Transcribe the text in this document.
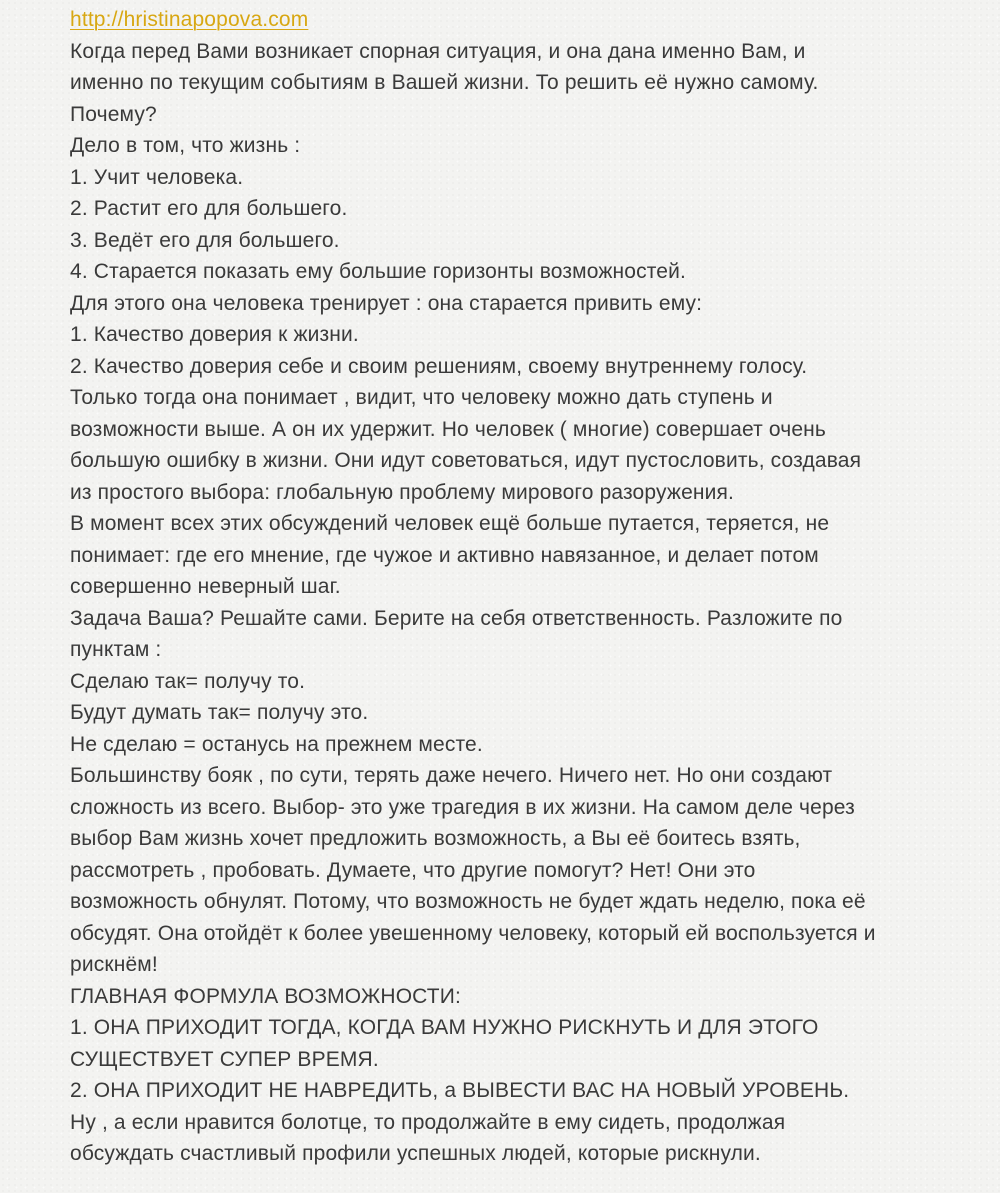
http://hristinapopova.com
Когда перед Вами возникает спорная ситуация, и она дана именно Вам, и
именно по текущим событиям в Вашей жизни. То решить её нужно самому.
Почему?
Дело в том, что жизнь :
1. Учит человека.
2. Растит его для большего.
3. Ведёт его для большего.
4. Старается показать ему большие горизонты возможностей.
Для этого она человека тренирует : она старается привить ему:
1. Качество доверия к жизни.
2. Качество доверия себе и своим решениям, своему внутреннему голосу.
Только тогда она понимает , видит, что человеку можно дать ступень и
возможности выше. А он их удержит. Но человек ( многие) совершает очень
большую ошибку в жизни. Они идут советоваться, идут пустословить, создавая
из простого выбора: глобальную проблему мирового разоружения.
В момент всех этих обсуждений человек ещё больше путается, теряется, не
понимает: где его мнение, где чужое и активно навязанное, и делает потом
совершенно неверный шаг.
Задача Ваша? Решайте сами. Берите на себя ответственность. Разложите по
пунктам :
Сделаю так= получу то.
Будут думать так= получу это.
Не сделаю = останусь на прежнем месте.
Большинству бояк , по сути, терять даже нечего. Ничего нет. Но они создают
сложность из всего. Выбор- это уже трагедия в их жизни. На самом деле через
выбор Вам жизнь хочет предложить возможность, а Вы её боитесь взять,
рассмотреть , пробовать. Думаете, что другие помогут? Нет! Они это
возможность обнулят. Потому, что возможность не будет ждать неделю, пока её
обсудят. Она отойдёт к более увешенному человеку, который ей воспользуется и
рискнём!
ГЛАВНАЯ ФОРМУЛА ВОЗМОЖНОСТИ:
1. ОНА ПРИХОДИТ ТОГДА, КОГДА ВАМ НУЖНО РИСКНУТЬ И ДЛЯ ЭТОГО
СУЩЕСТВУЕТ СУПЕР ВРЕМЯ.
2. ОНА ПРИХОДИТ НЕ НАВРЕДИТЬ, а ВЫВЕСТИ ВАС НА НОВЫЙ УРОВЕНЬ.
Ну , а если нравится болотце, то продолжайте в ему сидеть, продолжая
обсуждать счастливый профили успешных людей, которые рискнули.
